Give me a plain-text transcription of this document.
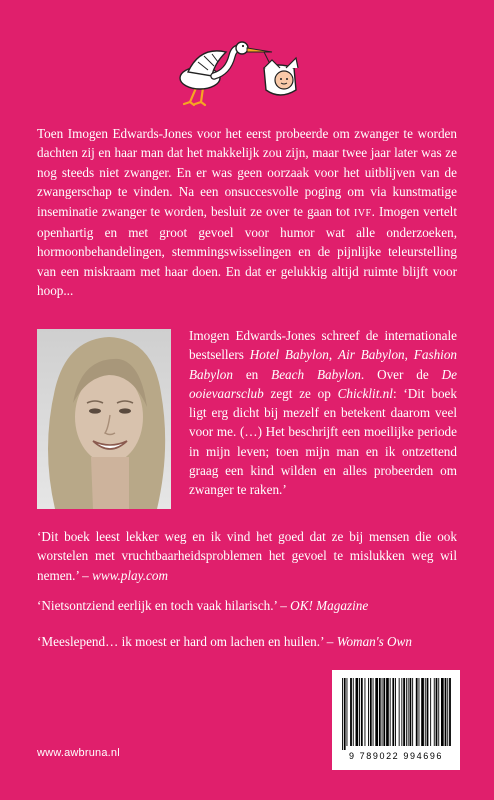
Toen Imogen Edwards-Jones voor het eerst probeerde om zwanger te worden dachten zij en haar man dat het makkelijk zou zijn, maar twee jaar later was ze nog steeds niet zwanger. En er was geen oorzaak voor het uitblijven van de zwangerschap te vinden. Na een onsuccesvolle poging om via kunstmatige inseminatie zwanger te worden, besluit ze over te gaan tot IVF. Imogen vertelt openhartig en met groot gevoel voor humor wat alle onderzoeken, hormoonbehandelingen, stemmingswisselingen en de pijnlijke teleurstelling van een miskraam met haar doen. En dat er gelukkig altijd ruimte blijft voor hoop...

Imogen Edwards-Jones schreef de internationale bestsellers Hotel Babylon, Air Babylon, Fashion Babylon en Beach Babylon. Over de De ooievaarsclub zegt ze op Chicklit.nl: ‘Dit boek ligt erg dicht bij mezelf en betekent daarom veel voor me. (…) Het beschrijft een moeilijke periode in mijn leven; toen mijn man en ik ontzettend graag een kind wilden en alles probeerden om zwanger te raken.’

‘Dit boek leest lekker weg en ik vind het goed dat ze bij mensen die ook worstelen met vruchtbaarheidsproblemen het gevoel te mislukken weg wil nemen.’ – www.play.com

‘Nietsontziend eerlijk en toch vaak hilarisch.’ – OK! Magazine

‘Meeslepend… ik moest er hard om lachen en huilen.’ – Woman's Own

www.awbruna.nl	9 789022 994696
